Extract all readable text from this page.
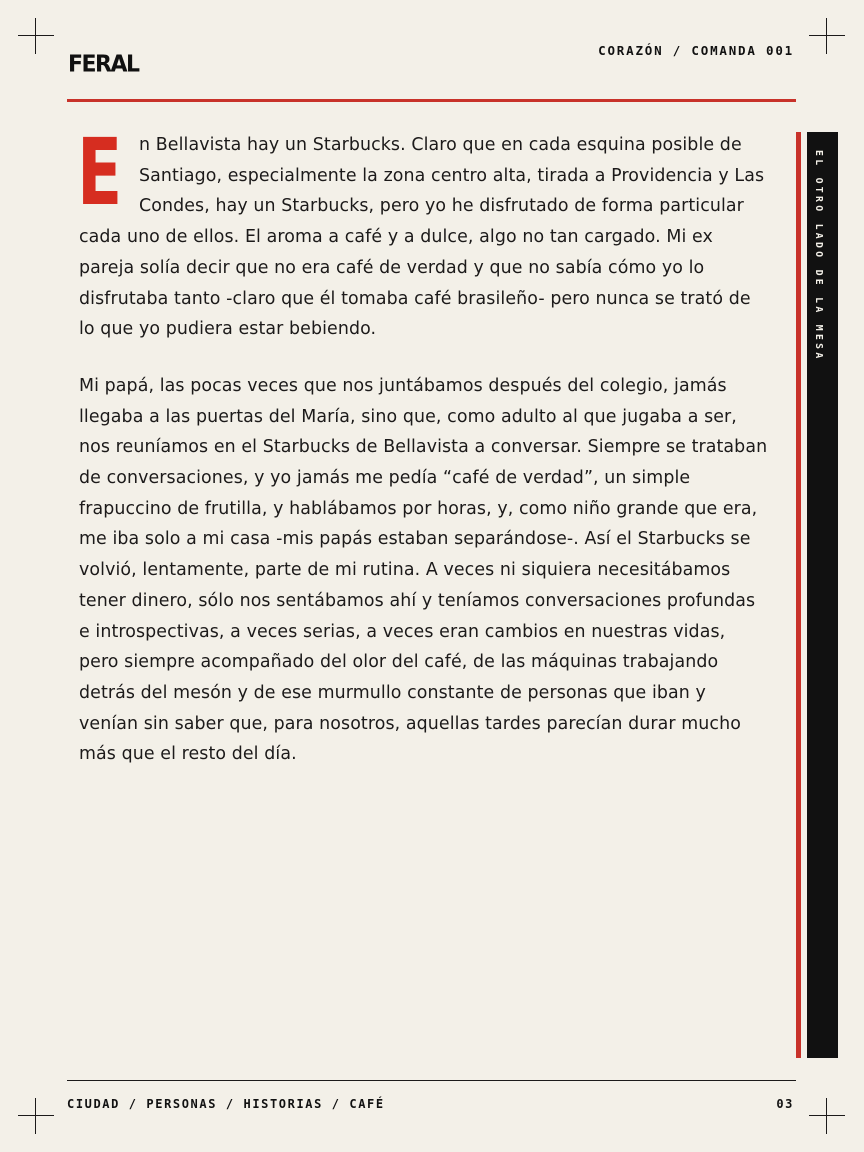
FERAL
CORAZÓN / COMANDA 001

E n Bellavista hay un Starbucks. Claro que en cada esquina posible de Santiago, especialmente la zona centro alta, tirada a Providencia y Las Condes, hay un Starbucks, pero yo he disfrutado de forma particular cada uno de ellos. El aroma a café y a dulce, algo no tan cargado. Mi ex pareja solía decir que no era café de verdad y que no sabía cómo yo lo disfrutaba tanto -claro que él tomaba café brasileño- pero nunca se trató de lo que yo pudiera estar bebiendo.

Mi papá, las pocas veces que nos juntábamos después del colegio, jamás llegaba a las puertas del María, sino que, como adulto al que jugaba a ser, nos reuníamos en el Starbucks de Bellavista a conversar. Siempre se trataban de conversaciones, y yo jamás me pedía “café de verdad”, un simple frapuccino de frutilla, y hablábamos por horas, y, como niño grande que era, me iba solo a mi casa -mis papás estaban separándose-. Así el Starbucks se volvió, lentamente, parte de mi rutina. A veces ni siquiera necesitábamos tener dinero, sólo nos sentábamos ahí y teníamos conversaciones profundas e introspectivas, a veces serias, a veces eran cambios en nuestras vidas, pero siempre acompañado del olor del café, de las máquinas trabajando detrás del mesón y de ese murmullo constante de personas que iban y venían sin saber que, para nosotros, aquellas tardes parecían durar mucho más que el resto del día.

EL OTRO LADO DE LA MESA
CIUDAD / PERSONAS / HISTORIAS / CAFÉ	03
